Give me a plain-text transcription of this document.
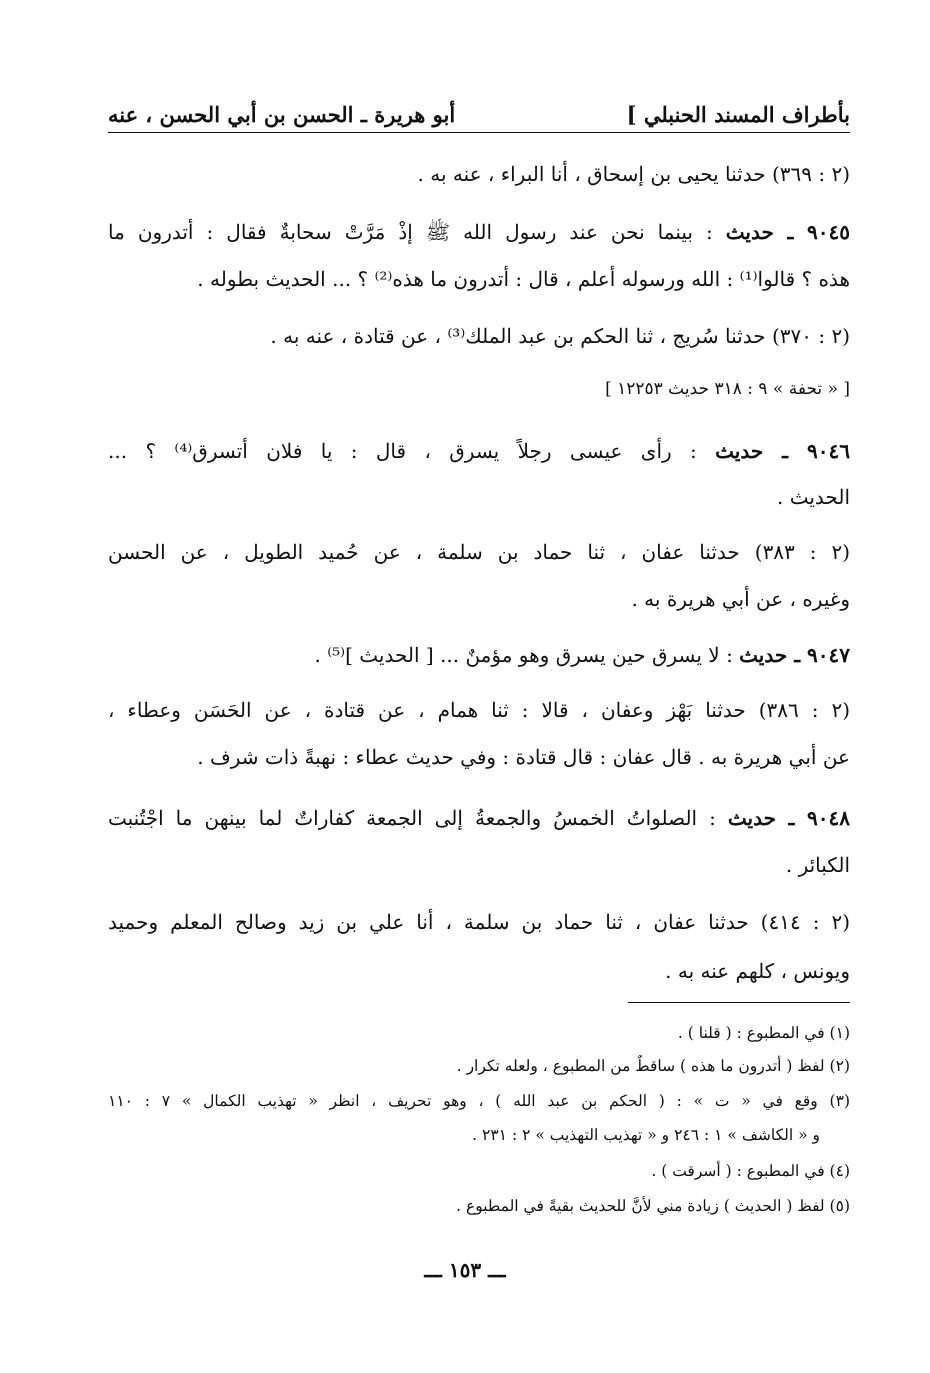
بأطراف المسند الحنبلي ]
أبو هريرة ـ الحسن بن أبي الحسن ، عنه
(٢ : ٣٦٩) حدثنا يحيى بن إسحاق ، أنا البراء ، عنه به .
٩٠٤٥ ـ حديث : بينما نحن عند رسول الله ﷺ إذْ مَرَّتْ سحابةٌ فقال : أتدرون ما
هذه ؟ قالوا⁽¹⁾ : الله ورسوله أعلم ، قال : أتدرون ما هذه⁽²⁾ ؟ ... الحديث بطوله .
(٢ : ٣٧٠) حدثنا سُريج ، ثنا الحكم بن عبد الملك⁽³⁾ ، عن قتادة ، عنه به .
[ « تحفة » ٩ : ٣١٨ حديث ١٢٢٥٣ ]
٩٠٤٦ ـ حديث : رأى عيسى رجلاً يسرق ، قال : يا فلان أتسرق⁽⁴⁾ ؟ ...
الحديث .
(٢ : ٣٨٣) حدثنا عفان ، ثنا حماد بن سلمة ، عن حُميد الطويل ، عن الحسن
وغيره ، عن أبي هريرة به .
٩٠٤٧ ـ حديث : لا يسرق حين يسرق وهو مؤمنٌ ... [ الحديث ]⁽⁵⁾ .
(٢ : ٣٨٦) حدثنا بَهْز وعفان ، قالا : ثنا همام ، عن قتادة ، عن الحَسَن وعطاء ،
عن أبي هريرة به . قال عفان : قال قتادة : وفي حديث عطاء : نهبةً ذات شرف .
٩٠٤٨ ـ حديث : الصلواتُ الخمسُ والجمعةُ إلى الجمعة كفاراتٌ لما بينهن ما اجْتُنبت
الكبائر .
(٢ : ٤١٤) حدثنا عفان ، ثنا حماد بن سلمة ، أنا علي بن زيد وصالح المعلم وحميد
ويونس ، كلهم عنه به .
(١) في المطبوع : ( قلنا ) .
(٢) لفظ ( أتدرون ما هذه ) ساقطٌ من المطبوع ، ولعله تكرار .
(٣) وقع في « ت » : ( الحكم بن عبد الله ) ، وهو تحريف ، انظر « تهذيب الكمال » ٧ : ١١٠
و « الكاشف » ١ : ٢٤٦ و « تهذيب التهذيب » ٢ : ٢٣١ .
(٤) في المطبوع : ( أسرقت ) .
(٥) لفظ ( الحديث ) زيادة مني لأنَّ للحديث بقيةً في المطبوع .
ـــ ١٥٣ ـــ
